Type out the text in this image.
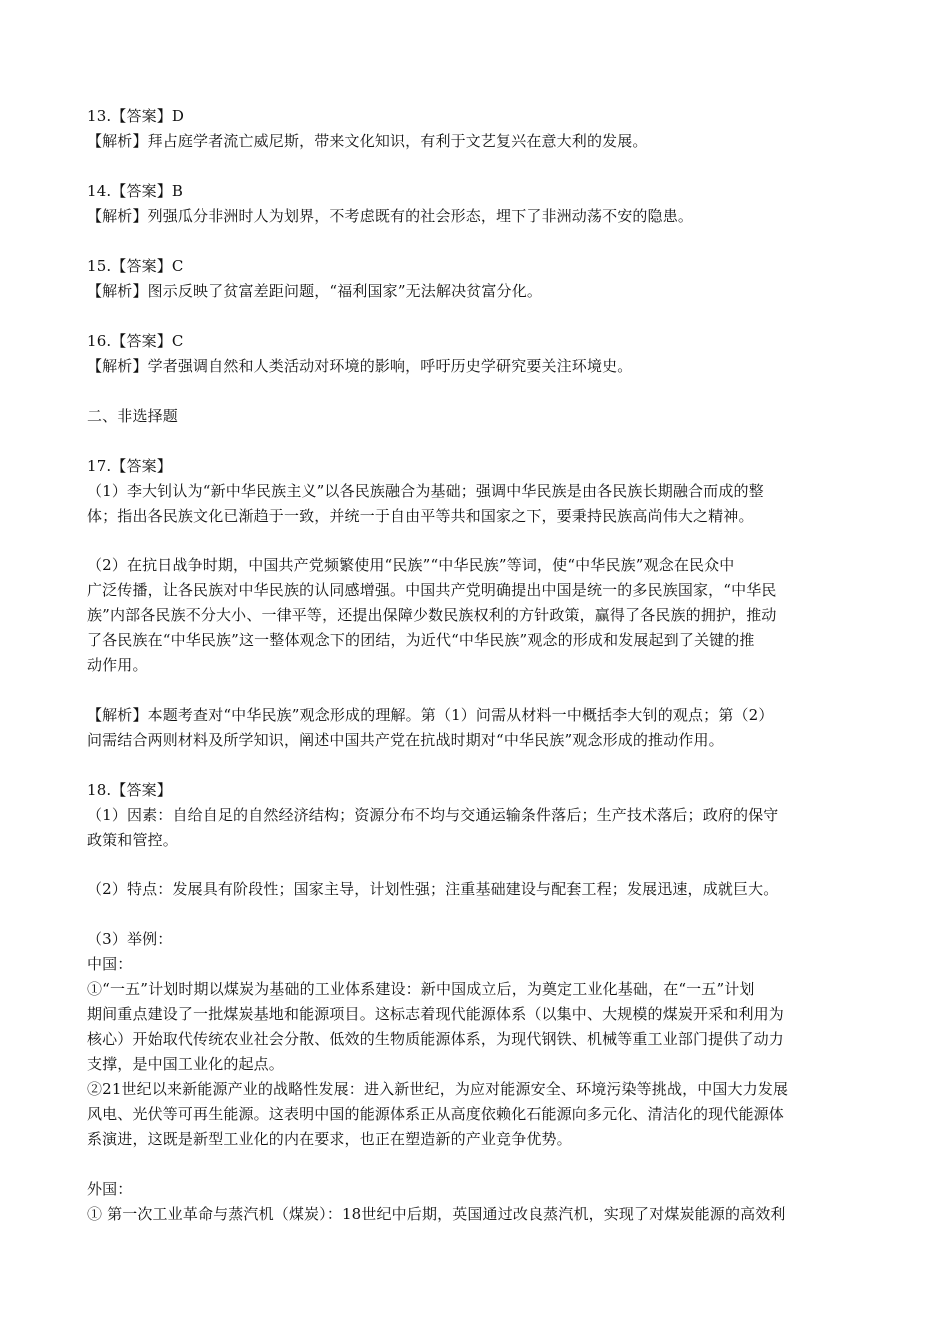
13.【答案】D
【解析】拜占庭学者流亡威尼斯，带来文化知识，有利于文艺复兴在意大利的发展。
14.【答案】B
【解析】列强瓜分非洲时人为划界，不考虑既有的社会形态，埋下了非洲动荡不安的隐患。
15.【答案】C
【解析】图示反映了贫富差距问题，“福利国家”无法解决贫富分化。
16.【答案】C
【解析】学者强调自然和人类活动对环境的影响，呼吁历史学研究要关注环境史。
二、非选择题
17.【答案】
（1）李大钊认为“新中华民族主义”以各民族融合为基础；强调中华民族是由各民族长期融合而成的整
体；指出各民族文化已渐趋于一致，并统一于自由平等共和国家之下，要秉持民族高尚伟大之精神。
（2）在抗日战争时期，中国共产党频繁使用“民族”“中华民族”等词，使“中华民族”观念在民众中
广泛传播，让各民族对中华民族的认同感增强。中国共产党明确提出中国是统一的多民族国家，“中华民
族”内部各民族不分大小、一律平等，还提出保障少数民族权利的方针政策，赢得了各民族的拥护，推动
了各民族在“中华民族”这一整体观念下的团结，为近代“中华民族”观念的形成和发展起到了关键的推
动作用。
【解析】本题考查对“中华民族”观念形成的理解。第（1）问需从材料一中概括李大钊的观点；第（2）
问需结合两则材料及所学知识，阐述中国共产党在抗战时期对“中华民族”观念形成的推动作用。
18.【答案】
（1）因素：自给自足的自然经济结构；资源分布不均与交通运输条件落后；生产技术落后；政府的保守
政策和管控。
（2）特点：发展具有阶段性；国家主导，计划性强；注重基础建设与配套工程；发展迅速，成就巨大。
（3）举例：
中国：
①“一五”计划时期以煤炭为基础的工业体系建设：新中国成立后，为奠定工业化基础，在“一五”计划
期间重点建设了一批煤炭基地和能源项目。这标志着现代能源体系（以集中、大规模的煤炭开采和利用为
核心）开始取代传统农业社会分散、低效的生物质能源体系，为现代钢铁、机械等重工业部门提供了动力
支撑，是中国工业化的起点。
②21世纪以来新能源产业的战略性发展：进入新世纪，为应对能源安全、环境污染等挑战，中国大力发展
风电、光伏等可再生能源。这表明中国的能源体系正从高度依赖化石能源向多元化、清洁化的现代能源体
系演进，这既是新型工业化的内在要求，也正在塑造新的产业竞争优势。
外国：
① 第一次工业革命与蒸汽机（煤炭）：18世纪中后期，英国通过改良蒸汽机，实现了对煤炭能源的高效利
